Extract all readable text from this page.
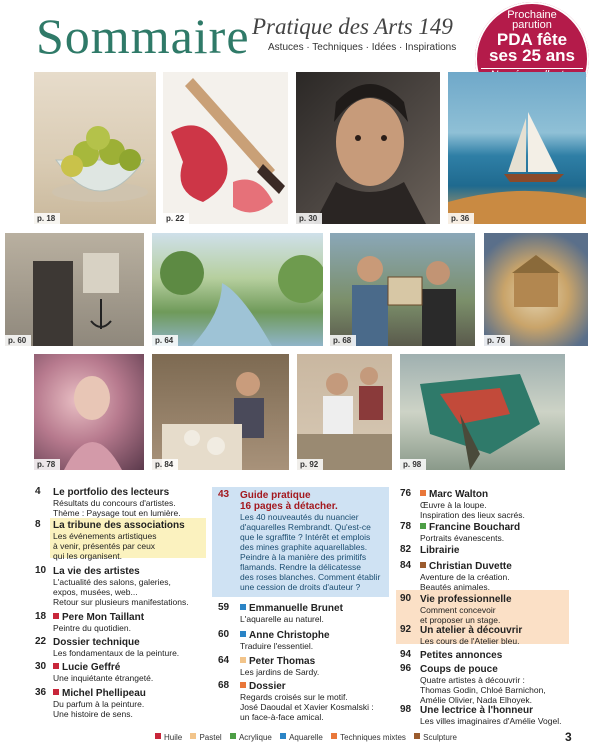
Sommaire Pratique des Arts 149
Astuces · Techniques · Idées · Inspirations
Prochaine
parution
PDA fête
ses 25 ans
p. 18	p. 22	p. 30	p. 36
p. 60	p. 64	p. 68	p. 76
p. 78	p. 84	p. 92	p. 98
4 Le portfolio des lecteurs
Résultats du concours d'artistes.
Thème : Paysage tout en lumière.
8 La tribune des associations
Les événements artistiques
à venir, présentés par ceux
qui les organisent.
10 La vie des artistes
L'actualité des salons, galeries,
expos, musées, web...
Retour sur plusieurs manifestations.
18	Pere Mon Taillant
Peintre du quotidien.
22 Dossier technique
Les fondamentaux de la peinture.
30	Lucie Geffré
Une inquiétante étrangeté.
36	Michel Phellipeau
Du parfum à la peinture.
Une histoire de sens.
43 Guide pratique
16 pages à détacher.
Les 40 nouveautés du nuancier
d'aquarelles Rembrandt. Qu'est-ce
que le sgraffite ? Intérêt et emplois
des mines graphite aquarellables.
Peindre à la manière des primitifs
flamands. Rendre la délicatesse
des roses blanches. Comment établir
une cession de droits d'auteur ?
59	Emmanuelle Brunet
L'aquarelle au naturel.
60	Anne Christophe
Traduire l'essentiel.
64	Peter Thomas
Les jardins de Sardy.
68	Dossier
Regards croisés sur le motif.
José Daoudal et Xavier Kosmalski :
un face-à-face amical.
76	Marc Walton
Œuvre à la loupe.
Inspiration des lieux sacrés.
78	Francine Bouchard
Portraits évanescents.
82 Librairie
84	Christian Duvette
Aventure de la création.
Beautés animales.
90 Vie professionnelle
Comment concevoir
et proposer un stage.
92 Un atelier à découvrir
Les cours de l'Atelier bleu.
94 Petites annonces
96 Coups de pouce
Quatre artistes à découvrir :
Thomas Godin, Chloé Barnichon,
Amélie Olivier, Nada Elhoyek.
98 Une lectrice à l'honneur
Les villes imaginaires d'Amélie Vogel.
Huile Pastel Acrylique Aquarelle Techniques mixtes Sculpture	3
